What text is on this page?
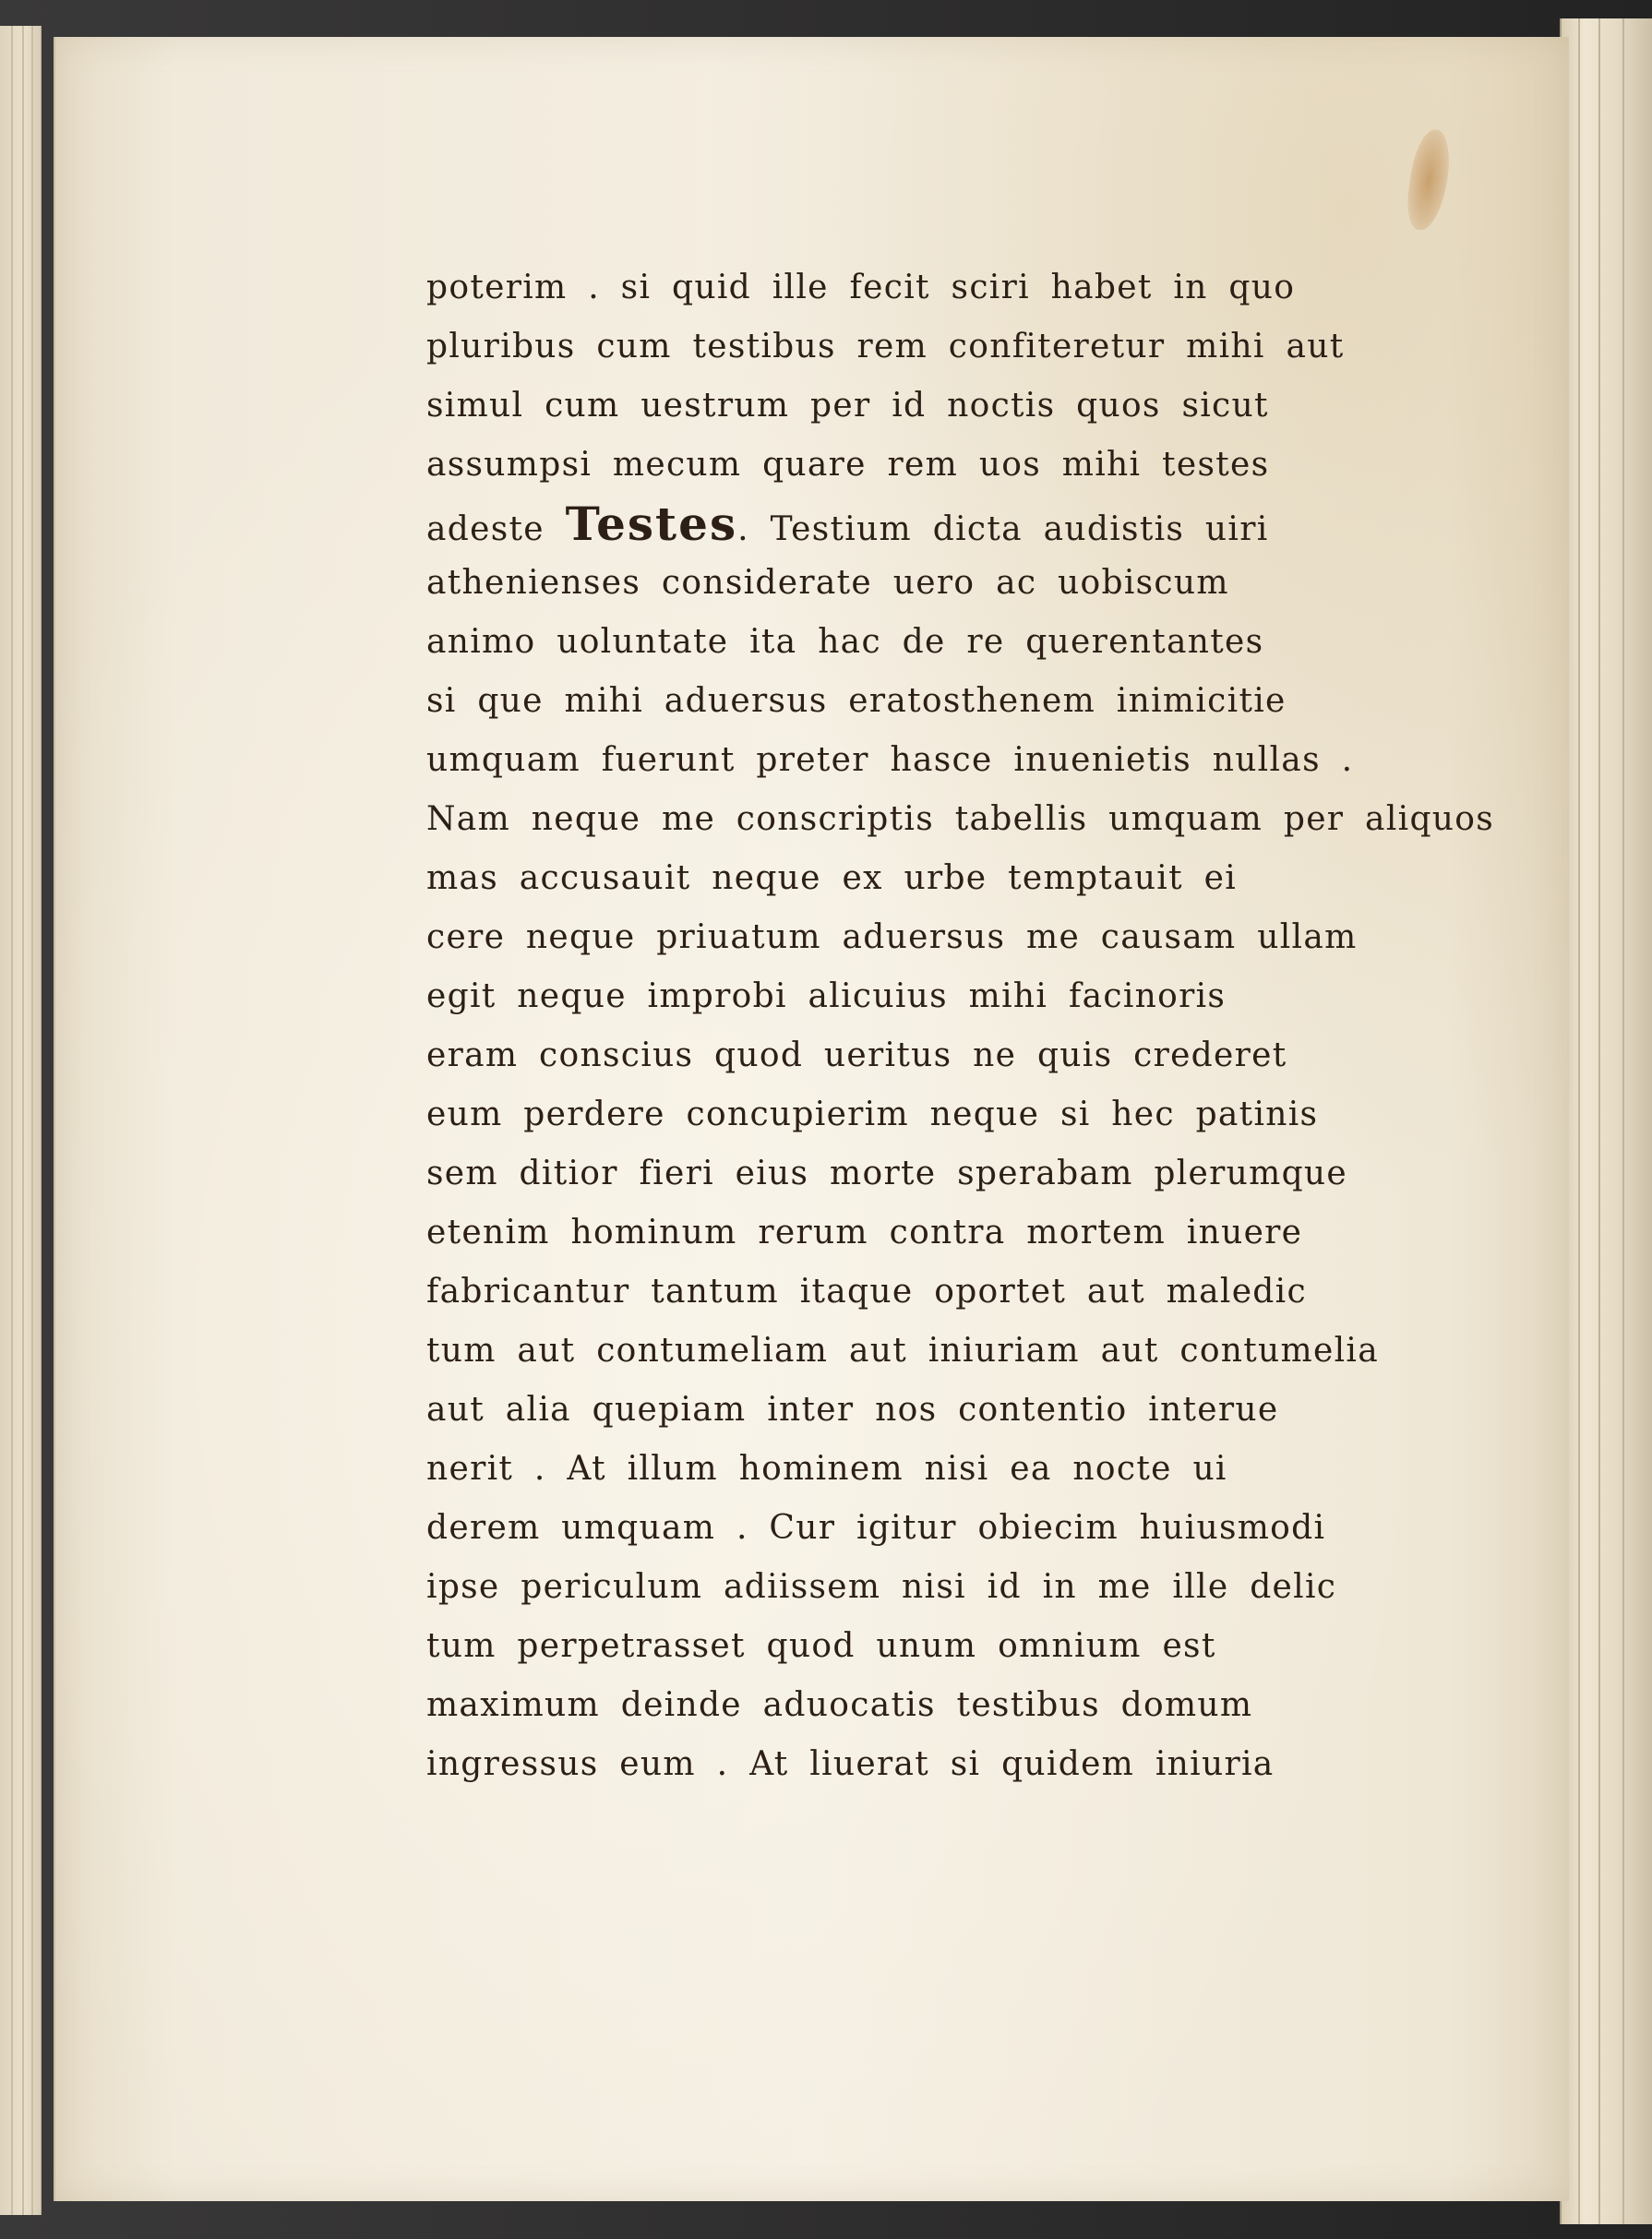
poterim . si quid ille fecit sciri habet in quo
pluribus cum testibus rem confiteretur mihi aut
simul cum uestrum per id noctis quos sicut
assumpsi mecum quare rem uos mihi testes
adeste Testes. Testium dicta audistis uiri
athenienses considerate uero ac uobiscum
animo uoluntate ita hac de re querentantes
si que mihi aduersus eratosthenem inimicitie
umquam fuerunt preter hasce inuenietis nullas .
Nam neque me conscriptis tabellis umquam per aliquos
mas accusauit neque ex urbe temptauit ei
cere neque priuatum aduersus me causam ullam
egit neque improbi alicuius mihi facinoris
eram conscius quod ueritus ne quis crederet
eum perdere concupierim neque si hec patinis
sem ditior fieri eius morte sperabam plerumque
etenim hominum rerum contra mortem inuere
fabricantur tantum itaque oportet aut maledic
tum aut contumeliam aut iniuriam aut contumelia
aut alia quepiam inter nos contentio interue
nerit . At illum hominem nisi ea nocte ui
derem umquam . Cur igitur obiecim huiusmodi
ipse periculum adiissem nisi id in me ille delic
tum perpetrasset quod unum omnium est
maximum deinde aduocatis testibus domum
ingressus eum . At liuerat si quidem iniuria
